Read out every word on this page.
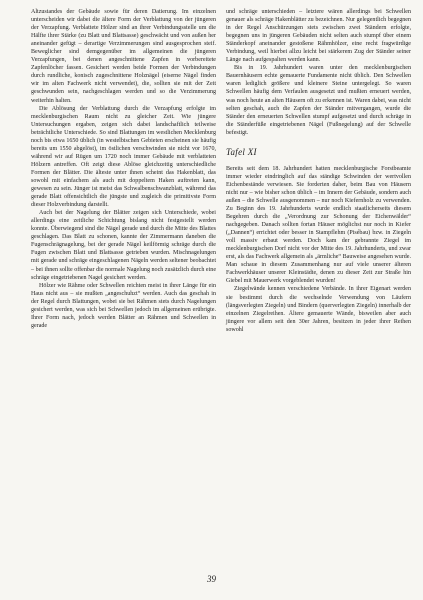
Altzustandes der Gebäude sowie für deren Datierung. Im einzelnen unterscheiden wir dabei die ältere Form der Verblattung von der jüngeren der Verzapfung. Verblattete Hölzer sind an ihrer Verbindungsstelle um die Hälfte ihrer Stärke (zu Blatt und Blattsasse) geschwächt und von außen her aneinander gefügt – derartige Verzimmerungen sind ausgesprochen steif. Beweglicher sind demgegenüber im allgemeinen die jüngeren Verzapfungen, bei denen angeschnittene Zapfen in vorbereitete Zapfenlöcher fassen. Gesichert werden beide Formen der Verbindungen durch rundliche, konisch zugeschnittene Holznägel (eiserne Nägel finden wir im alten Fachwerk nicht verwendet), die, sollten sie mit der Zeit geschwunden sein, nachgeschlagen werden und so die Verzimmerung weiterhin halten.

Die Ablösung der Verblattung durch die Verzapfung erfolgte im mecklenburgischen Raum nicht zu gleicher Zeit. Wie jüngere Untersuchungen ergaben, zeigen sich dabei landschaftlich teilweise beträchtliche Unterschiede. So sind Blattungen im westlichen Mecklenburg noch bis etwa 1650 üblich (in westelbischen Gebieten erscheinen sie häufig bereits um 1550 abgelöst), im östlichen verschwinden sie nicht vor 1670, während wir auf Rügen um 1720 noch immer Gebäude mit verblatteten Hölzern antreffen. Oft zeigt diese Ablöse gleichzeitig unterschiedliche Formen der Blätter. Die älteste unter ihnen scheint das Hakenblatt, das sowohl mit einfachem als auch mit doppeltem Haken auftreten kann, gewesen zu sein. Jünger ist meist das Schwalbenschwanzblatt, während das gerade Blatt offensichtlich die jüngste und zugleich die primitivste Form dieser Holzverbindung darstellt.

Auch bei der Nagelung der Blätter zeigen sich Unterschiede, wobei allerdings eine zeitliche Schichtung bislang nicht festgestellt werden konnte. Überwiegend sind die Nägel gerade und durch die Mitte des Blattes geschlagen. Das Blatt zu schonen, kannte der Zimmermann daneben die Fugenschrägnagelung, bei der gerade Nägel keilförmig schräge durch die Fugen zwischen Blatt und Blattsasse getrieben wurden. Mischnagelungen mit gerade und schräge eingeschlagenen Nägeln werden seltener beobachtet – bei ihnen sollte offenbar die normale Nagelung noch zusätzlich durch eine schräge eingetriebenen Nagel gesichert werden.

Hölzer wie Rähme oder Schwellen reichten meist in ihrer Länge für ein Haus nicht aus – sie mußten „angeschuhzt“ werden. Auch das geschah in der Regel durch Blattungen, wobei sie bei Rähmen stets durch Nagelungen gesichert werden, was sich bei Schwellen jedoch im allgemeinen erübrigte. Ihrer Form nach, jedoch werden Blätter an Rähmen und Schwellen in gerade

und schräge unterschieden – letztere wären allerdings bei Schwellen genauer als schräge Hakenblätter zu bezeichnen. Nur gelegentlich begegnen in der Regel Anschürzungen stets zwischen zwei Ständern erfolgte, begegnen uns in jüngeren Gebäuden nicht selten auch stumpf über einem Ständerkopf aneinander gestoßene Rähmhölzer, eine recht fragwürdige Verbindung, weil hierbei allzu leicht bei stärkerem Zug der Ständer seiner Länge nach aufgespalten werden kann.

Bis in 19. Jahrhundert waren unter den mecklenburgischen Bauernhäusern echte gemauerte Fundamente nicht üblich. Den Schwellen waren lediglich größere und kleinere Steine untergelegt. So waren Schwellen häufig dem Verfaulen ausgesetzt und mußten erneuert werden, was noch heute an alten Häusern oft zu erkennen ist. Waren dabei, was nicht selten geschah, auch die Zapfen der Ständer mitvergangen, wurde die Ständer den erneuerten Schwellen stumpf aufgesetzt und durch schräge in die Ständerfüße eingetriebenen Nägel (Fußnegelung) auf der Schwelle befestigt.

Tafel XI

Bereits seit dem 18. Jahrhundert hatten mecklenburgische Forstbeamte immer wieder eindringlich auf das ständige Schwinden der wertvollen Eichenbestände verwiesen. Sie forderten daher, beim Bau von Häusern nicht nur – wie bisher schon üblich – im Innern der Gebäude, sondern auch außen – die Schwelle ausgenommen – nur noch Kiefernholz zu verwenden. Zu Beginn des 19. Jahrhunderts wurde endlich staatlicherseits diesem Begehren durch die „Verordnung zur Schonung der Eichenwälder“ nachgegeben. Danach sollten fortan Häuser möglichst nur noch in Kiefer („Dannen“) errichtet oder besser in Stampflehm (Pisébau) bzw. in Ziegeln voll massiv erbaut werden. Doch kam der gebrannte Ziegel im mecklenburgischen Dorf nicht vor der Mitte des 19. Jahrhunderts, und zwar erst, als das Fachwerk allgemein als „ärmliche“ Bauweise angesehen wurde. Man schaue in diesem Zusammenhang nur auf viele unserer älteren Fachwerkhäuser unserer Kleinstädte, denen zu dieser Zeit zur Straße hin Giebel mit Mauerwerk vorgeblendet wurden!

Ziegelwände kennen verschiedene Verbände. In ihrer Eigenart werden sie bestimmt durch die wechselnde Verwendung von Läufern (längsverlegten Ziegeln) und Bindern (querverlegten Ziegeln) innerhalb der einzelnen Ziegelreihen. Ältere gemauerte Wände, bisweilen aber auch jüngere vor allem seit den 30er Jahren, besitzen in jeder ihrer Reihen sowohl

39
